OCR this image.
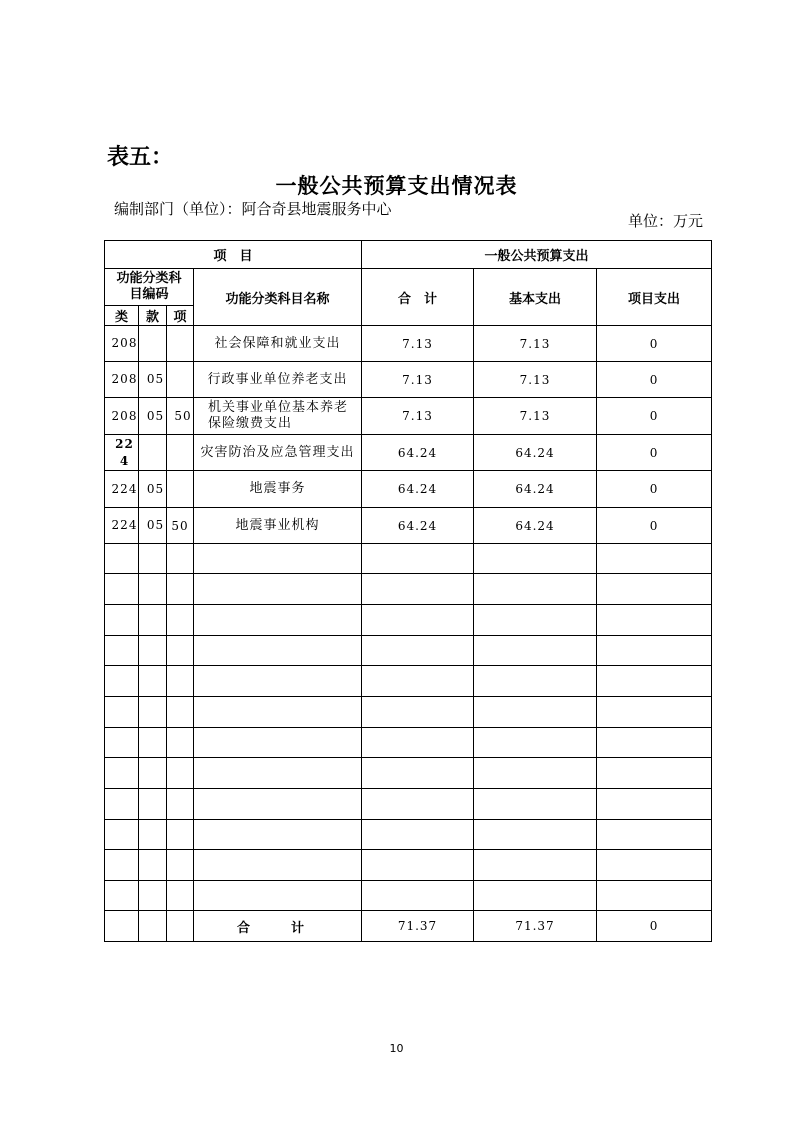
表五：
一般公共预算支出情况表
编制部门（单位）：阿合奇县地震服务中心
单位：万元
项　目				一般公共预算支出		
功能分类科目编码			功能分类科目名称	合　计	基本支出	项目支出
类	款	项				
208			社会保障和就业支出	7.13	7.13	0
208	05		行政事业单位养老支出	7.13	7.13	0
208	05	50	机关事业单位基本养老保险缴费支出	7.13	7.13	0
224			灾害防治及应急管理支出	64.24	64.24	0
224	05		地震事务	64.24	64.24	0
224	05	50	地震事业机构	64.24	64.24	0

			合　计	71.37	71.37	0
10
